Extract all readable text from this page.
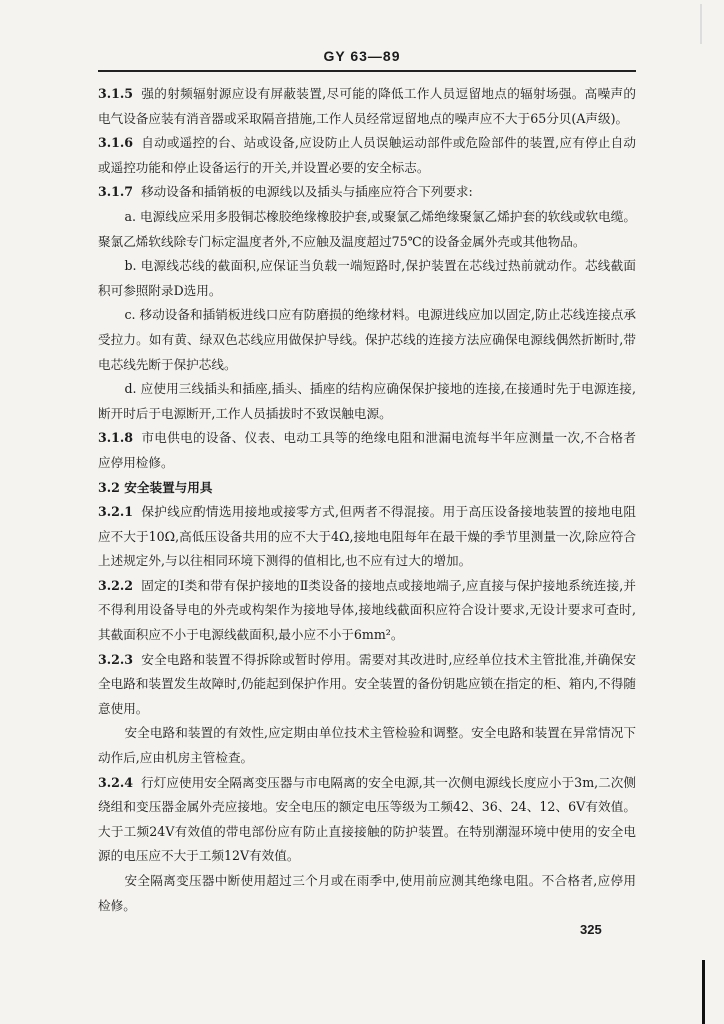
GY 63—89

3.1.5 强的射频辐射源应设有屏蔽装置,尽可能的降低工作人员逗留地点的辐射场强。高噪声的电气设备应装有消音器或采取隔音措施,工作人员经常逗留地点的噪声应不大于65分贝(A声级)。

3.1.6 自动或遥控的台、站或设备,应设防止人员误触运动部件或危险部件的装置,应有停止自动或遥控功能和停止设备运行的开关,并设置必要的安全标志。

3.1.7 移动设备和插销板的电源线以及插头与插座应符合下列要求:

a. 电源线应采用多股铜芯橡胶绝缘橡胶护套,或聚氯乙烯绝缘聚氯乙烯护套的软线或软电缆。聚氯乙烯软线除专门标定温度者外,不应触及温度超过75℃的设备金属外壳或其他物品。

b. 电源线芯线的截面积,应保证当负载一端短路时,保护装置在芯线过热前就动作。芯线截面积可参照附录D选用。

c. 移动设备和插销板进线口应有防磨损的绝缘材料。电源进线应加以固定,防止芯线连接点承受拉力。如有黄、绿双色芯线应用做保护导线。保护芯线的连接方法应确保电源线偶然折断时,带电芯线先断于保护芯线。

d. 应使用三线插头和插座,插头、插座的结构应确保保护接地的连接,在接通时先于电源连接,断开时后于电源断开,工作人员插拔时不致误触电源。

3.1.8 市电供电的设备、仪表、电动工具等的绝缘电阻和泄漏电流每半年应测量一次,不合格者应停用检修。

3.2 安全装置与用具

3.2.1 保护线应酌情选用接地或接零方式,但两者不得混接。用于高压设备接地装置的接地电阻应不大于10Ω,高低压设备共用的应不大于4Ω,接地电阻每年在最干燥的季节里测量一次,除应符合上述规定外,与以往相同环境下测得的值相比,也不应有过大的增加。

3.2.2 固定的Ⅰ类和带有保护接地的Ⅱ类设备的接地点或接地端子,应直接与保护接地系统连接,并不得利用设备导电的外壳或构架作为接地导体,接地线截面积应符合设计要求,无设计要求可查时,其截面积应不小于电源线截面积,最小应不小于6mm²。

3.2.3 安全电路和装置不得拆除或暂时停用。需要对其改进时,应经单位技术主管批准,并确保安全电路和装置发生故障时,仍能起到保护作用。安全装置的备份钥匙应锁在指定的柜、箱内,不得随意使用。

安全电路和装置的有效性,应定期由单位技术主管检验和调整。安全电路和装置在异常情况下动作后,应由机房主管检查。

3.2.4 行灯应使用安全隔离变压器与市电隔离的安全电源,其一次侧电源线长度应小于3m,二次侧绕组和变压器金属外壳应接地。安全电压的额定电压等级为工频42、36、24、12、6V有效值。大于工频24V有效值的带电部份应有防止直接接触的防护装置。在特别潮湿环境中使用的安全电源的电压应不大于工频12V有效值。

安全隔离变压器中断使用超过三个月或在雨季中,使用前应测其绝缘电阻。不合格者,应停用检修。

325
